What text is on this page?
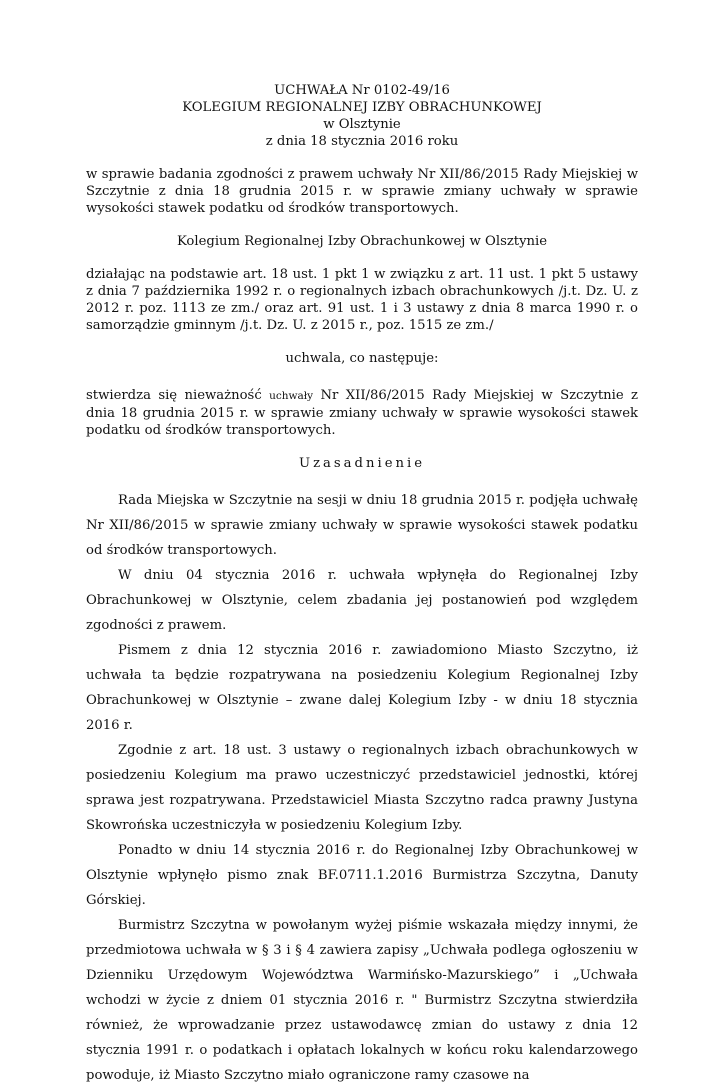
UCHWAŁA Nr 0102-49/16
KOLEGIUM REGIONALNEJ IZBY OBRACHUNKOWEJ
w Olsztynie
z dnia 18 stycznia 2016 roku
w sprawie badania zgodności z prawem uchwały Nr XII/86/2015 Rady Miejskiej w Szczytnie z dnia 18 grudnia 2015 r. w sprawie zmiany uchwały w sprawie wysokości stawek podatku od środków transportowych.
Kolegium Regionalnej Izby Obrachunkowej w Olsztynie
działając na podstawie art. 18 ust. 1 pkt 1 w związku z art. 11 ust. 1 pkt 5 ustawy z dnia 7 października 1992 r. o regionalnych izbach obrachunkowych /j.t. Dz. U. z 2012 r. poz. 1113 ze zm./ oraz art. 91 ust. 1 i 3 ustawy z dnia 8 marca 1990 r. o samorządzie gminnym /j.t. Dz. U. z 2015 r., poz. 1515 ze zm./
uchwala, co następuje:
stwierdza się nieważność uchwały Nr XII/86/2015 Rady Miejskiej w Szczytnie z dnia 18 grudnia 2015 r. w sprawie zmiany uchwały w sprawie wysokości stawek podatku od środków transportowych.
Uzasadnienie
Rada Miejska w Szczytnie na sesji w dniu 18 grudnia 2015 r. podjęła uchwałę Nr XII/86/2015 w sprawie zmiany uchwały w sprawie wysokości stawek podatku od środków transportowych.
W dniu 04 stycznia 2016 r. uchwała wpłynęła do Regionalnej Izby Obrachunkowej w Olsztynie, celem zbadania jej postanowień pod względem zgodności z prawem.
Pismem z dnia 12 stycznia 2016 r. zawiadomiono Miasto Szczytno, iż uchwała ta będzie rozpatrywana na posiedzeniu Kolegium Regionalnej Izby Obrachunkowej w Olsztynie – zwane dalej Kolegium Izby - w dniu 18 stycznia 2016 r.
Zgodnie z art. 18 ust. 3 ustawy o regionalnych izbach obrachunkowych w posiedzeniu Kolegium ma prawo uczestniczyć przedstawiciel jednostki, której sprawa jest rozpatrywana. Przedstawiciel Miasta Szczytno radca prawny Justyna Skowrońska uczestniczyła w posiedzeniu Kolegium Izby.
Ponadto w dniu 14 stycznia 2016 r. do Regionalnej Izby Obrachunkowej w Olsztynie wpłynęło pismo znak BF.0711.1.2016 Burmistrza Szczytna, Danuty Górskiej.
Burmistrz Szczytna w powołanym wyżej piśmie wskazała między innymi, że przedmiotowa uchwała w § 3 i § 4 zawiera zapisy „Uchwała podlega ogłoszeniu w Dzienniku Urzędowym Województwa Warmińsko-Mazurskiego” i „Uchwała wchodzi w życie z dniem 01 stycznia 2016 r. " Burmistrz Szczytna stwierdziła również, że wprowadzanie przez ustawodawcę zmian do ustawy z dnia 12 stycznia 1991 r. o podatkach i opłatach lokalnych w końcu roku kalendarzowego powoduje, iż Miasto Szczytno miało ograniczone ramy czasowe na
